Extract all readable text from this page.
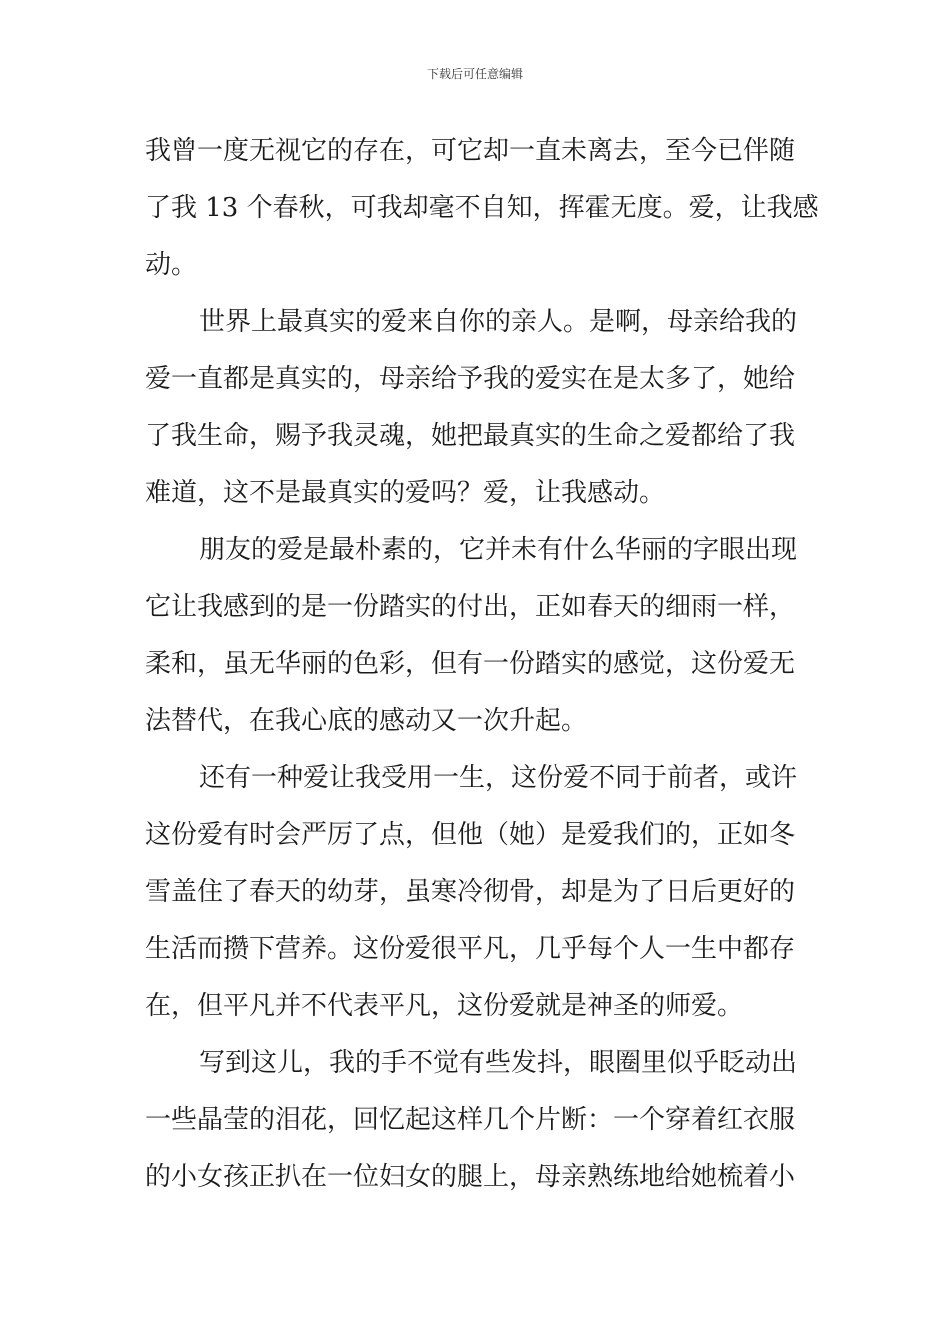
下载后可任意编辑
我曾一度无视它的存在，可它却一直未离去，至今已伴随
了我 13 个春秋，可我却毫不自知，挥霍无度。爱，让我感
动。
世界上最真实的爱来自你的亲人。是啊，母亲给我的
爱一直都是真实的，母亲给予我的爱实在是太多了，她给
了我生命，赐予我灵魂，她把最真实的生命之爱都给了我
难道，这不是最真实的爱吗？爱，让我感动。
朋友的爱是最朴素的，它并未有什么华丽的字眼出现
它让我感到的是一份踏实的付出，正如春天的细雨一样，
柔和，虽无华丽的色彩，但有一份踏实的感觉，这份爱无
法替代，在我心底的感动又一次升起。
还有一种爱让我受用一生，这份爱不同于前者，或许
这份爱有时会严厉了点，但他（她）是爱我们的，正如冬
雪盖住了春天的幼芽，虽寒冷彻骨，却是为了日后更好的
生活而攒下营养。这份爱很平凡，几乎每个人一生中都存
在，但平凡并不代表平凡，这份爱就是神圣的师爱。
写到这儿，我的手不觉有些发抖，眼圈里似乎眨动出
一些晶莹的泪花，回忆起这样几个片断：一个穿着红衣服
的小女孩正扒在一位妇女的腿上，母亲熟练地给她梳着小
